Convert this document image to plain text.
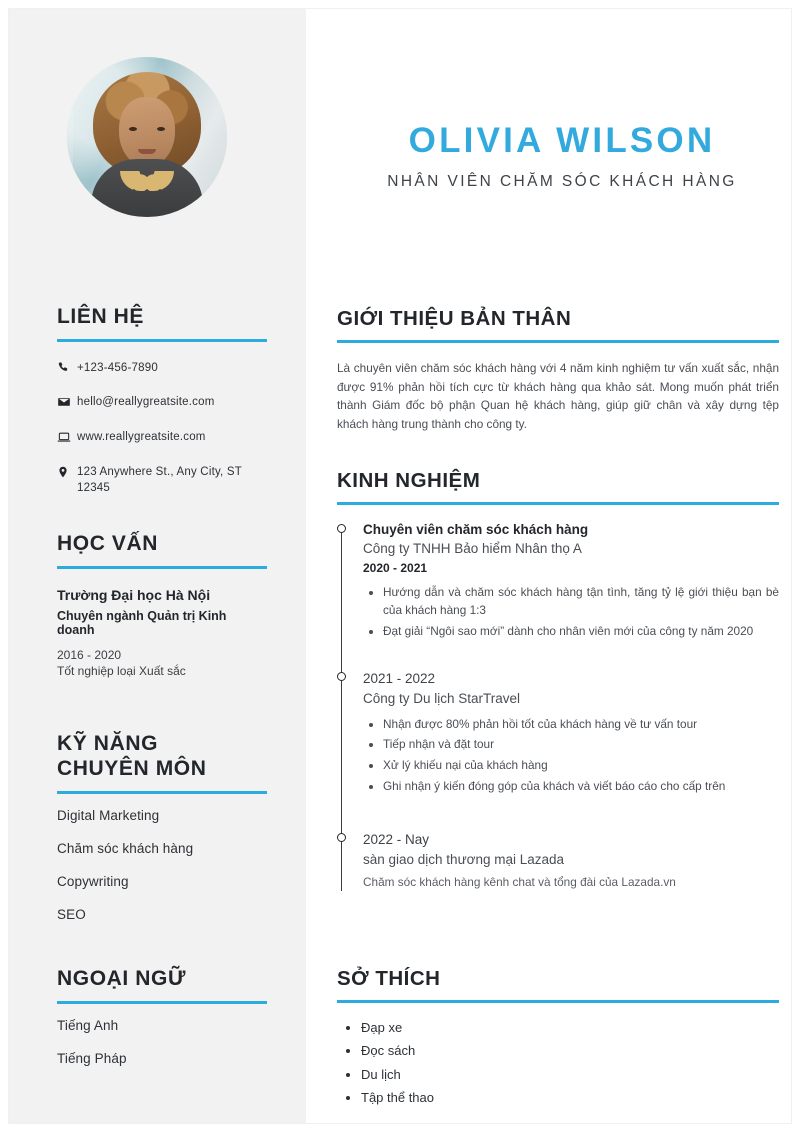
LIÊN HỆ
+123-456-7890
hello@reallygreatsite.com
www.reallygreatsite.com
123 Anywhere St., Any City, ST 12345
HỌC VẤN
Trường Đại học Hà Nội
Chuyên ngành Quản trị Kinh doanh
2016 - 2020
Tốt nghiệp loại Xuất sắc
KỸ NĂNG
CHUYÊN MÔN
Digital Marketing
Chăm sóc khách hàng
Copywriting
SEO
NGOẠI NGỮ
Tiếng Anh
Tiếng Pháp
OLIVIA WILSON
NHÂN VIÊN CHĂM SÓC KHÁCH HÀNG
GIỚI THIỆU BẢN THÂN
Là chuyên viên chăm sóc khách hàng với 4 năm kinh nghiệm tư vấn xuất sắc, nhận được 91% phản hồi tích cực từ khách hàng qua khảo sát. Mong muốn phát triển thành Giám đốc bộ phận Quan hệ khách hàng, giúp giữ chân và xây dựng tệp khách hàng trung thành cho công ty.
KINH NGHIỆM
Chuyên viên chăm sóc khách hàng
Công ty TNHH Bảo hiểm Nhân thọ A
2020 - 2021
• Hướng dẫn và chăm sóc khách hàng tận tình, tăng tỷ lệ giới thiệu bạn bè của khách hàng 1:3
• Đạt giải “Ngôi sao mới” dành cho nhân viên mới của công ty năm 2020
2021 - 2022
Công ty Du lịch StarTravel
• Nhận được 80% phản hồi tốt của khách hàng về tư vấn tour
• Tiếp nhận và đặt tour
• Xử lý khiếu nại của khách hàng
• Ghi nhận ý kiến đóng góp của khách và viết báo cáo cho cấp trên
2022 - Nay
sàn giao dịch thương mại Lazada
Chăm sóc khách hàng kênh chat và tổng đài của Lazada.vn
SỞ THÍCH
• Đạp xe
• Đọc sách
• Du lịch
• Tập thể thao
